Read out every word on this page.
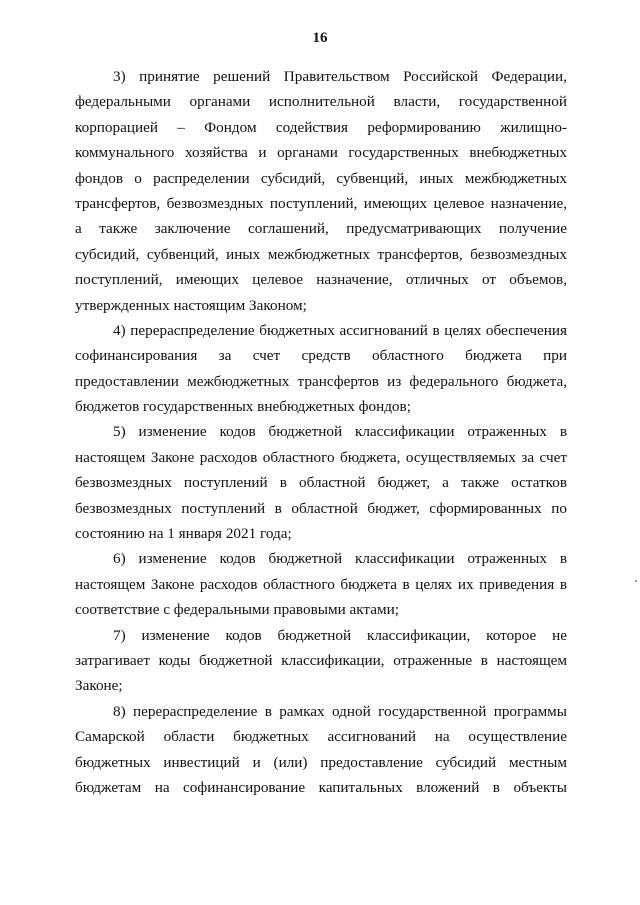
16
3) принятие решений Правительством Российской Федерации,
федеральными органами исполнительной власти, государственной
корпорацией – Фондом содействия реформированию жилищно-
коммунального хозяйства и органами государственных внебюджетных
фондов о распределении субсидий, субвенций, иных межбюджетных
трансфертов, безвозмездных поступлений, имеющих целевое назначение,
а также заключение соглашений, предусматривающих получение
субсидий, субвенций, иных межбюджетных трансфертов, безвозмездных
поступлений, имеющих целевое назначение, отличных от объемов,
утвержденных настоящим Законом;
4) перераспределение бюджетных ассигнований в целях обеспечения
софинансирования за счет средств областного бюджета при
предоставлении межбюджетных трансфертов из федерального бюджета,
бюджетов государственных внебюджетных фондов;
5) изменение кодов бюджетной классификации отраженных в
настоящем Законе расходов областного бюджета, осуществляемых за счет
безвозмездных поступлений в областной бюджет, а также остатков
безвозмездных поступлений в областной бюджет, сформированных по
состоянию на 1 января 2021 года;
6) изменение кодов бюджетной классификации отраженных в
настоящем Законе расходов областного бюджета в целях их приведения в
соответствие с федеральными правовыми актами;
7) изменение кодов бюджетной классификации, которое не
затрагивает коды бюджетной классификации, отраженные в настоящем
Законе;
8) перераспределение в рамках одной государственной программы
Самарской области бюджетных ассигнований на осуществление
бюджетных инвестиций и (или) предоставление субсидий местным
бюджетам на софинансирование капитальных вложений в объекты
